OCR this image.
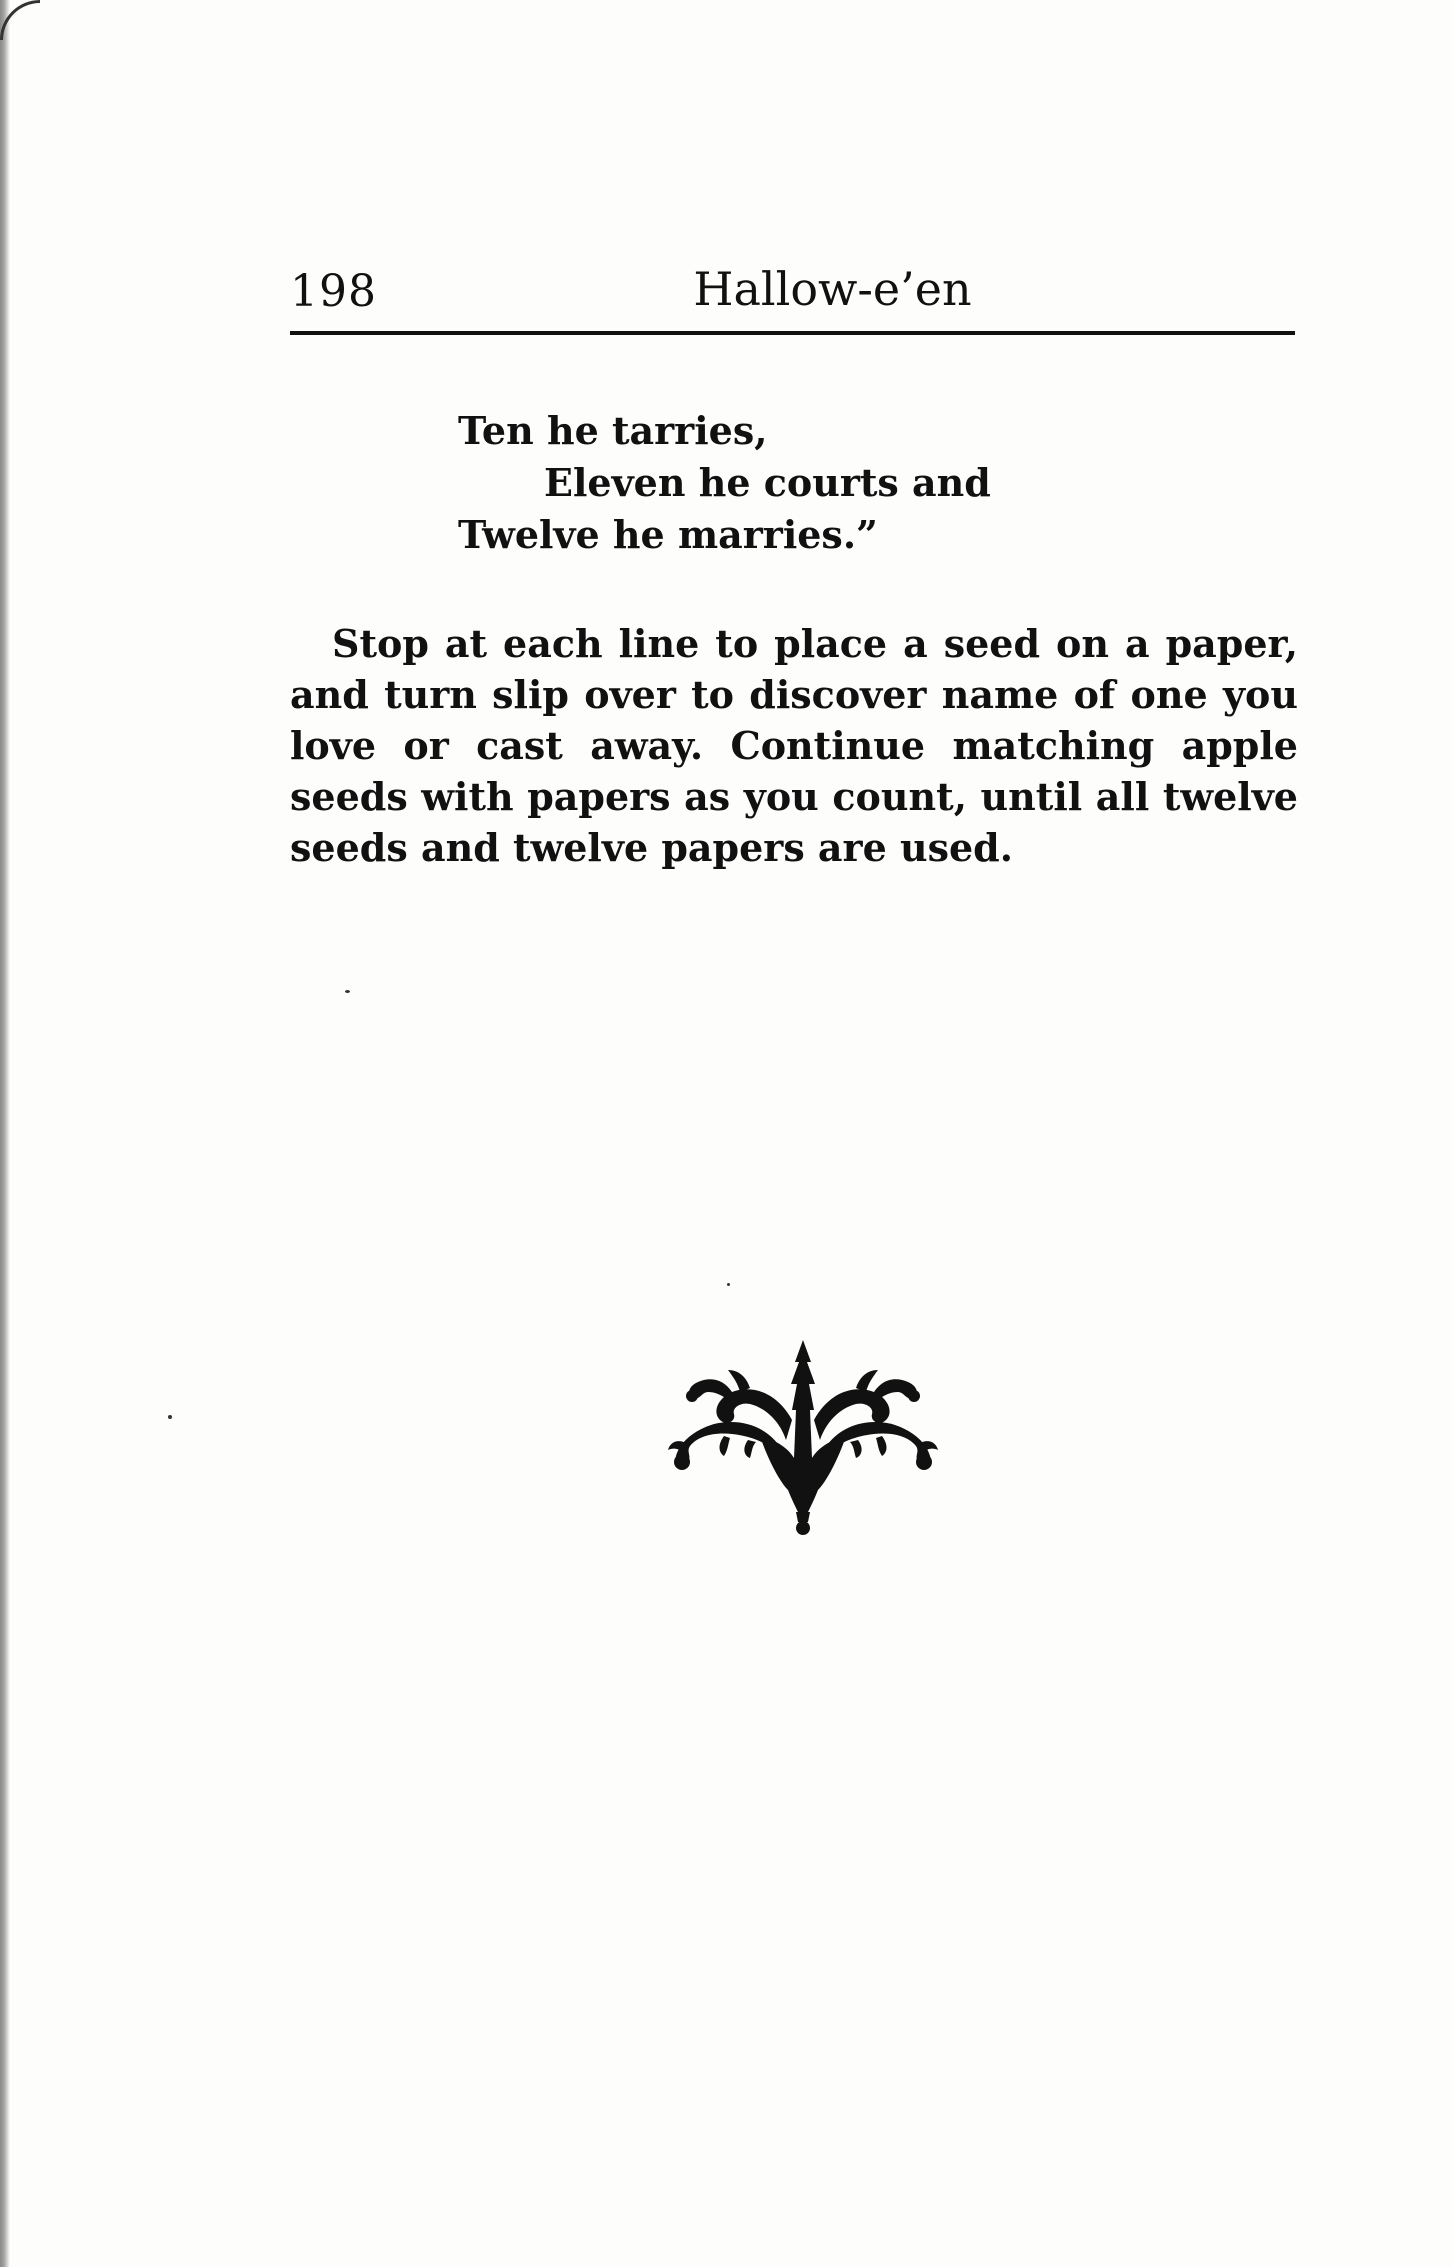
198	Hallow-e’en
Ten he tarries,
Eleven he courts and
Twelve he marries.”

Stop at each line to place a seed on a paper, and turn slip over to discover name of one you love or cast away. Continue matching apple seeds with papers as you count, until all twelve seeds and twelve papers are used.
